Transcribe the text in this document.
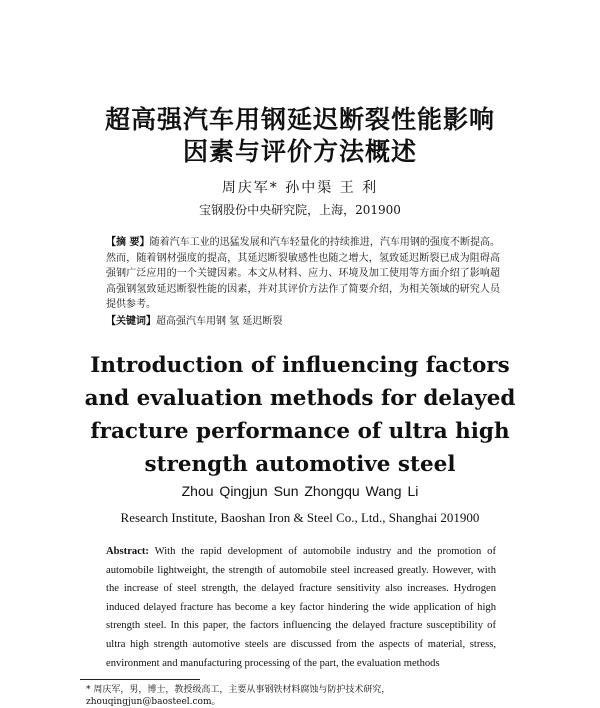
超高强汽车用钢延迟断裂性能影响
因素与评价方法概述
周庆军* 孙中渠 王 利
宝钢股份中央研究院，上海，201900
【摘 要】随着汽车工业的迅猛发展和汽车轻量化的持续推进，汽车用钢的强度不断提高。然而，随着钢材强度的提高，其延迟断裂敏感性也随之增大，氢致延迟断裂已成为阻碍高强钢广泛应用的一个关键因素。本文从材料、应力、环境及加工使用等方面介绍了影响超高强钢氢致延迟断裂性能的因素，并对其评价方法作了简要介绍，为相关领域的研究人员提供参考。
【关键词】超高强汽车用钢 氢 延迟断裂
Introduction of influencing factors and evaluation methods for delayed fracture performance of ultra high strength automotive steel
Zhou Qingjun Sun Zhongqu Wang Li
Research Institute, Baoshan Iron & Steel Co., Ltd., Shanghai 201900
Abstract: With the rapid development of automobile industry and the promotion of automobile lightweight, the strength of automobile steel increased greatly. However, with the increase of steel strength, the delayed fracture sensitivity also increases. Hydrogen induced delayed fracture has become a key factor hindering the wide application of high strength steel. In this paper, the factors influencing the delayed fracture susceptibility of ultra high strength automotive steels are discussed from the aspects of material, stress, environment and manufacturing processing of the part, the evaluation methods
* 周庆军，男，博士，教授级高工，主要从事钢铁材料腐蚀与防护技术研究，zhouqingjun@baosteel.com。
